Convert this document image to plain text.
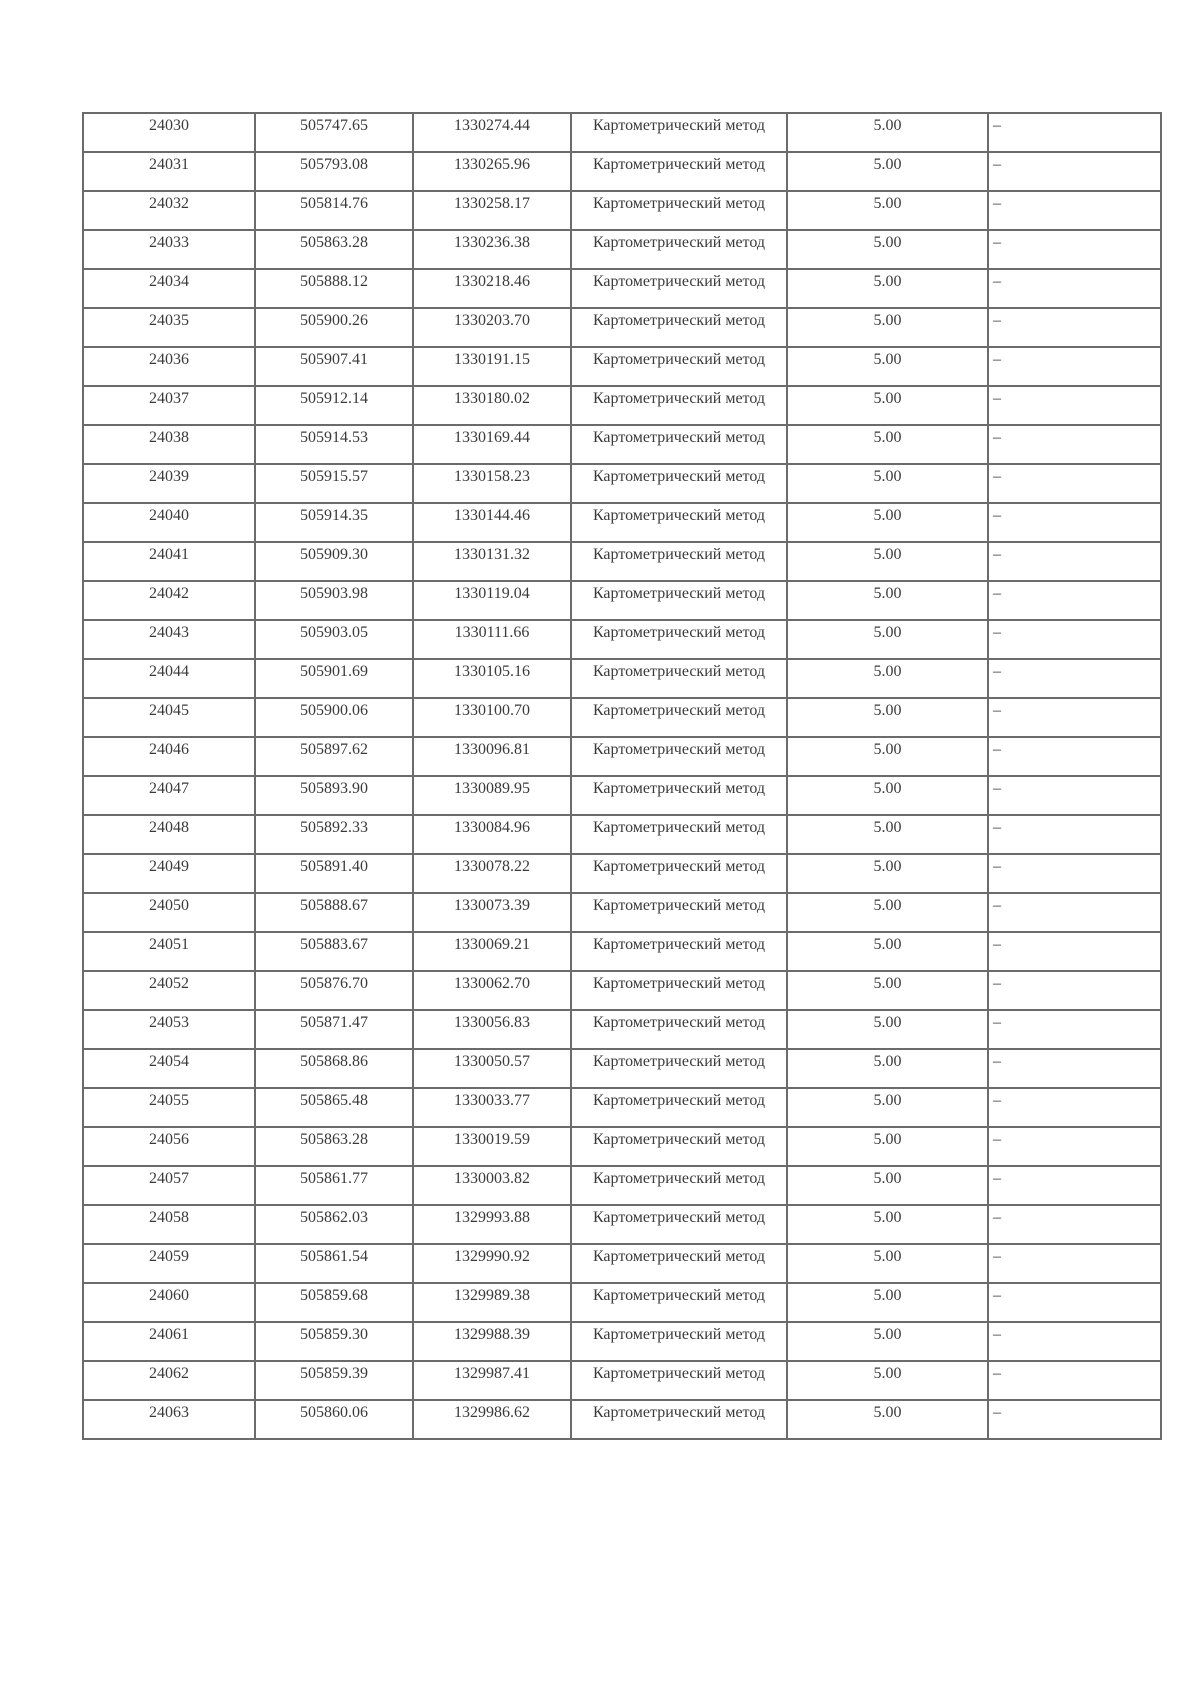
24030	505747.65	1330274.44	Картометрический метод	5.00	–
24031	505793.08	1330265.96	Картометрический метод	5.00	–
24032	505814.76	1330258.17	Картометрический метод	5.00	–
24033	505863.28	1330236.38	Картометрический метод	5.00	–
24034	505888.12	1330218.46	Картометрический метод	5.00	–
24035	505900.26	1330203.70	Картометрический метод	5.00	–
24036	505907.41	1330191.15	Картометрический метод	5.00	–
24037	505912.14	1330180.02	Картометрический метод	5.00	–
24038	505914.53	1330169.44	Картометрический метод	5.00	–
24039	505915.57	1330158.23	Картометрический метод	5.00	–
24040	505914.35	1330144.46	Картометрический метод	5.00	–
24041	505909.30	1330131.32	Картометрический метод	5.00	–
24042	505903.98	1330119.04	Картометрический метод	5.00	–
24043	505903.05	1330111.66	Картометрический метод	5.00	–
24044	505901.69	1330105.16	Картометрический метод	5.00	–
24045	505900.06	1330100.70	Картометрический метод	5.00	–
24046	505897.62	1330096.81	Картометрический метод	5.00	–
24047	505893.90	1330089.95	Картометрический метод	5.00	–
24048	505892.33	1330084.96	Картометрический метод	5.00	–
24049	505891.40	1330078.22	Картометрический метод	5.00	–
24050	505888.67	1330073.39	Картометрический метод	5.00	–
24051	505883.67	1330069.21	Картометрический метод	5.00	–
24052	505876.70	1330062.70	Картометрический метод	5.00	–
24053	505871.47	1330056.83	Картометрический метод	5.00	–
24054	505868.86	1330050.57	Картометрический метод	5.00	–
24055	505865.48	1330033.77	Картометрический метод	5.00	–
24056	505863.28	1330019.59	Картометрический метод	5.00	–
24057	505861.77	1330003.82	Картометрический метод	5.00	–
24058	505862.03	1329993.88	Картометрический метод	5.00	–
24059	505861.54	1329990.92	Картометрический метод	5.00	–
24060	505859.68	1329989.38	Картометрический метод	5.00	–
24061	505859.30	1329988.39	Картометрический метод	5.00	–
24062	505859.39	1329987.41	Картометрический метод	5.00	–
24063	505860.06	1329986.62	Картометрический метод	5.00	–
